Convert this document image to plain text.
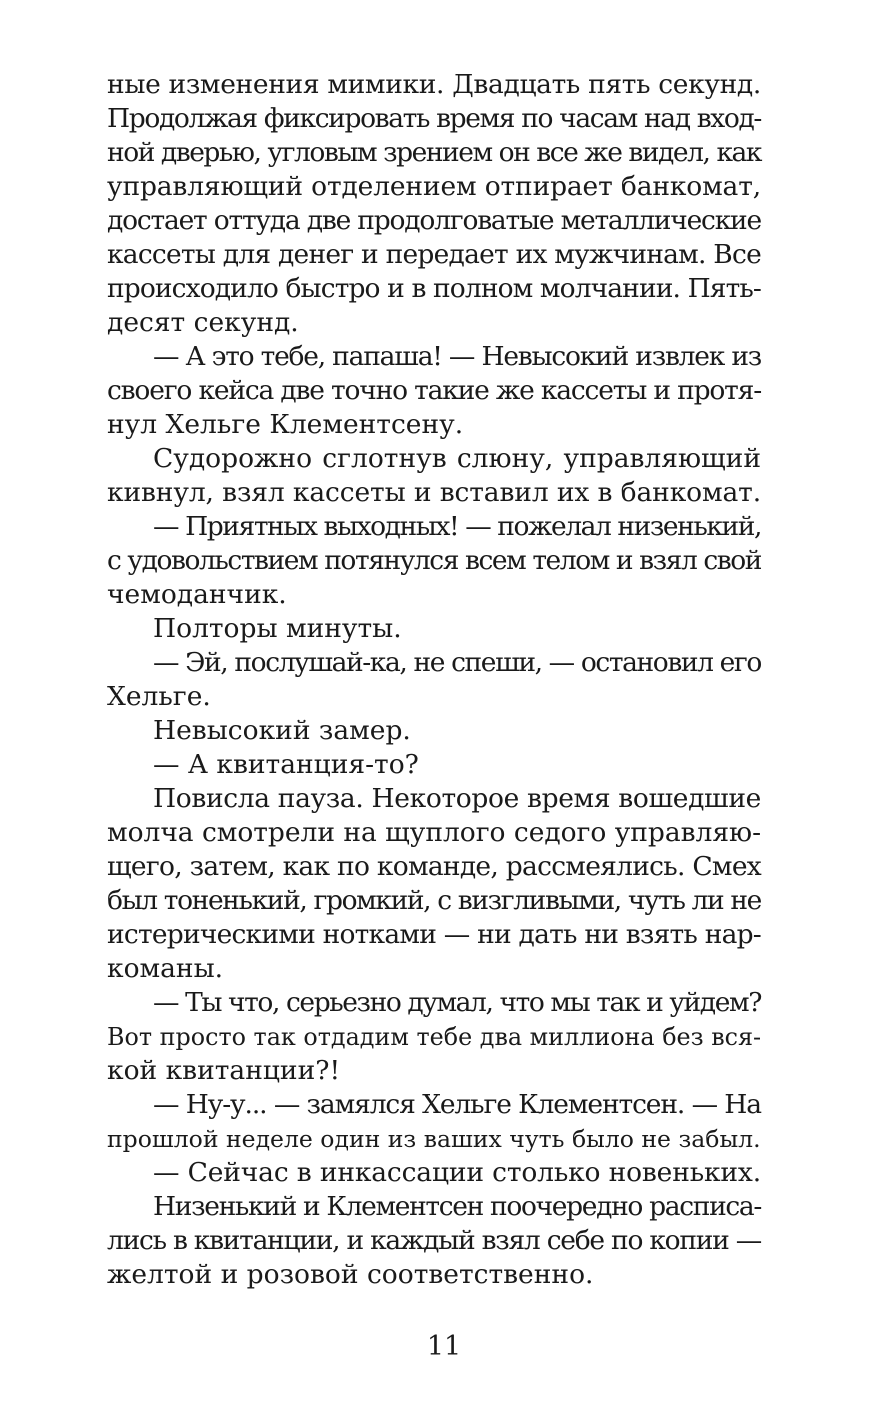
ные изменения мимики. Двадцать пять секунд.
Продолжая фиксировать время по часам над вход-
ной дверью, угловым зрением он все же видел, как
управляющий отделением отпирает банкомат,
достает оттуда две продолговатые металлические
кассеты для денег и передает их мужчинам. Все
происходило быстро и в полном молчании. Пять-
десят секунд.
— А это тебе, папаша! — Невысокий извлек из
своего кейса две точно такие же кассеты и протя-
нул Хельге Клементсену.
Судорожно сглотнув слюну, управляющий
кивнул, взял кассеты и вставил их в банкомат.
— Приятных выходных! — пожелал низенький,
с удовольствием потянулся всем телом и взял свой
чемоданчик.
Полторы минуты.
— Эй, послушай-ка, не спеши, — остановил его
Хельге.
Невысокий замер.
— А квитанция-то?
Повисла пауза. Некоторое время вошедшие
молча смотрели на щуплого седого управляю-
щего, затем, как по команде, рассмеялись. Смех
был тоненький, громкий, с визгливыми, чуть ли не
истерическими нотками — ни дать ни взять нар-
команы.
— Ты что, серьезно думал, что мы так и уйдем?
Вот просто так отдадим тебе два миллиона без вся-
кой квитанции?!
— Ну-у... — замялся Хельге Клементсен. — На
прошлой неделе один из ваших чуть было не забыл.
— Сейчас в инкассации столько новеньких.
Низенький и Клементсен поочередно расписа-
лись в квитанции, и каждый взял себе по копии —
желтой и розовой соответственно.
11
